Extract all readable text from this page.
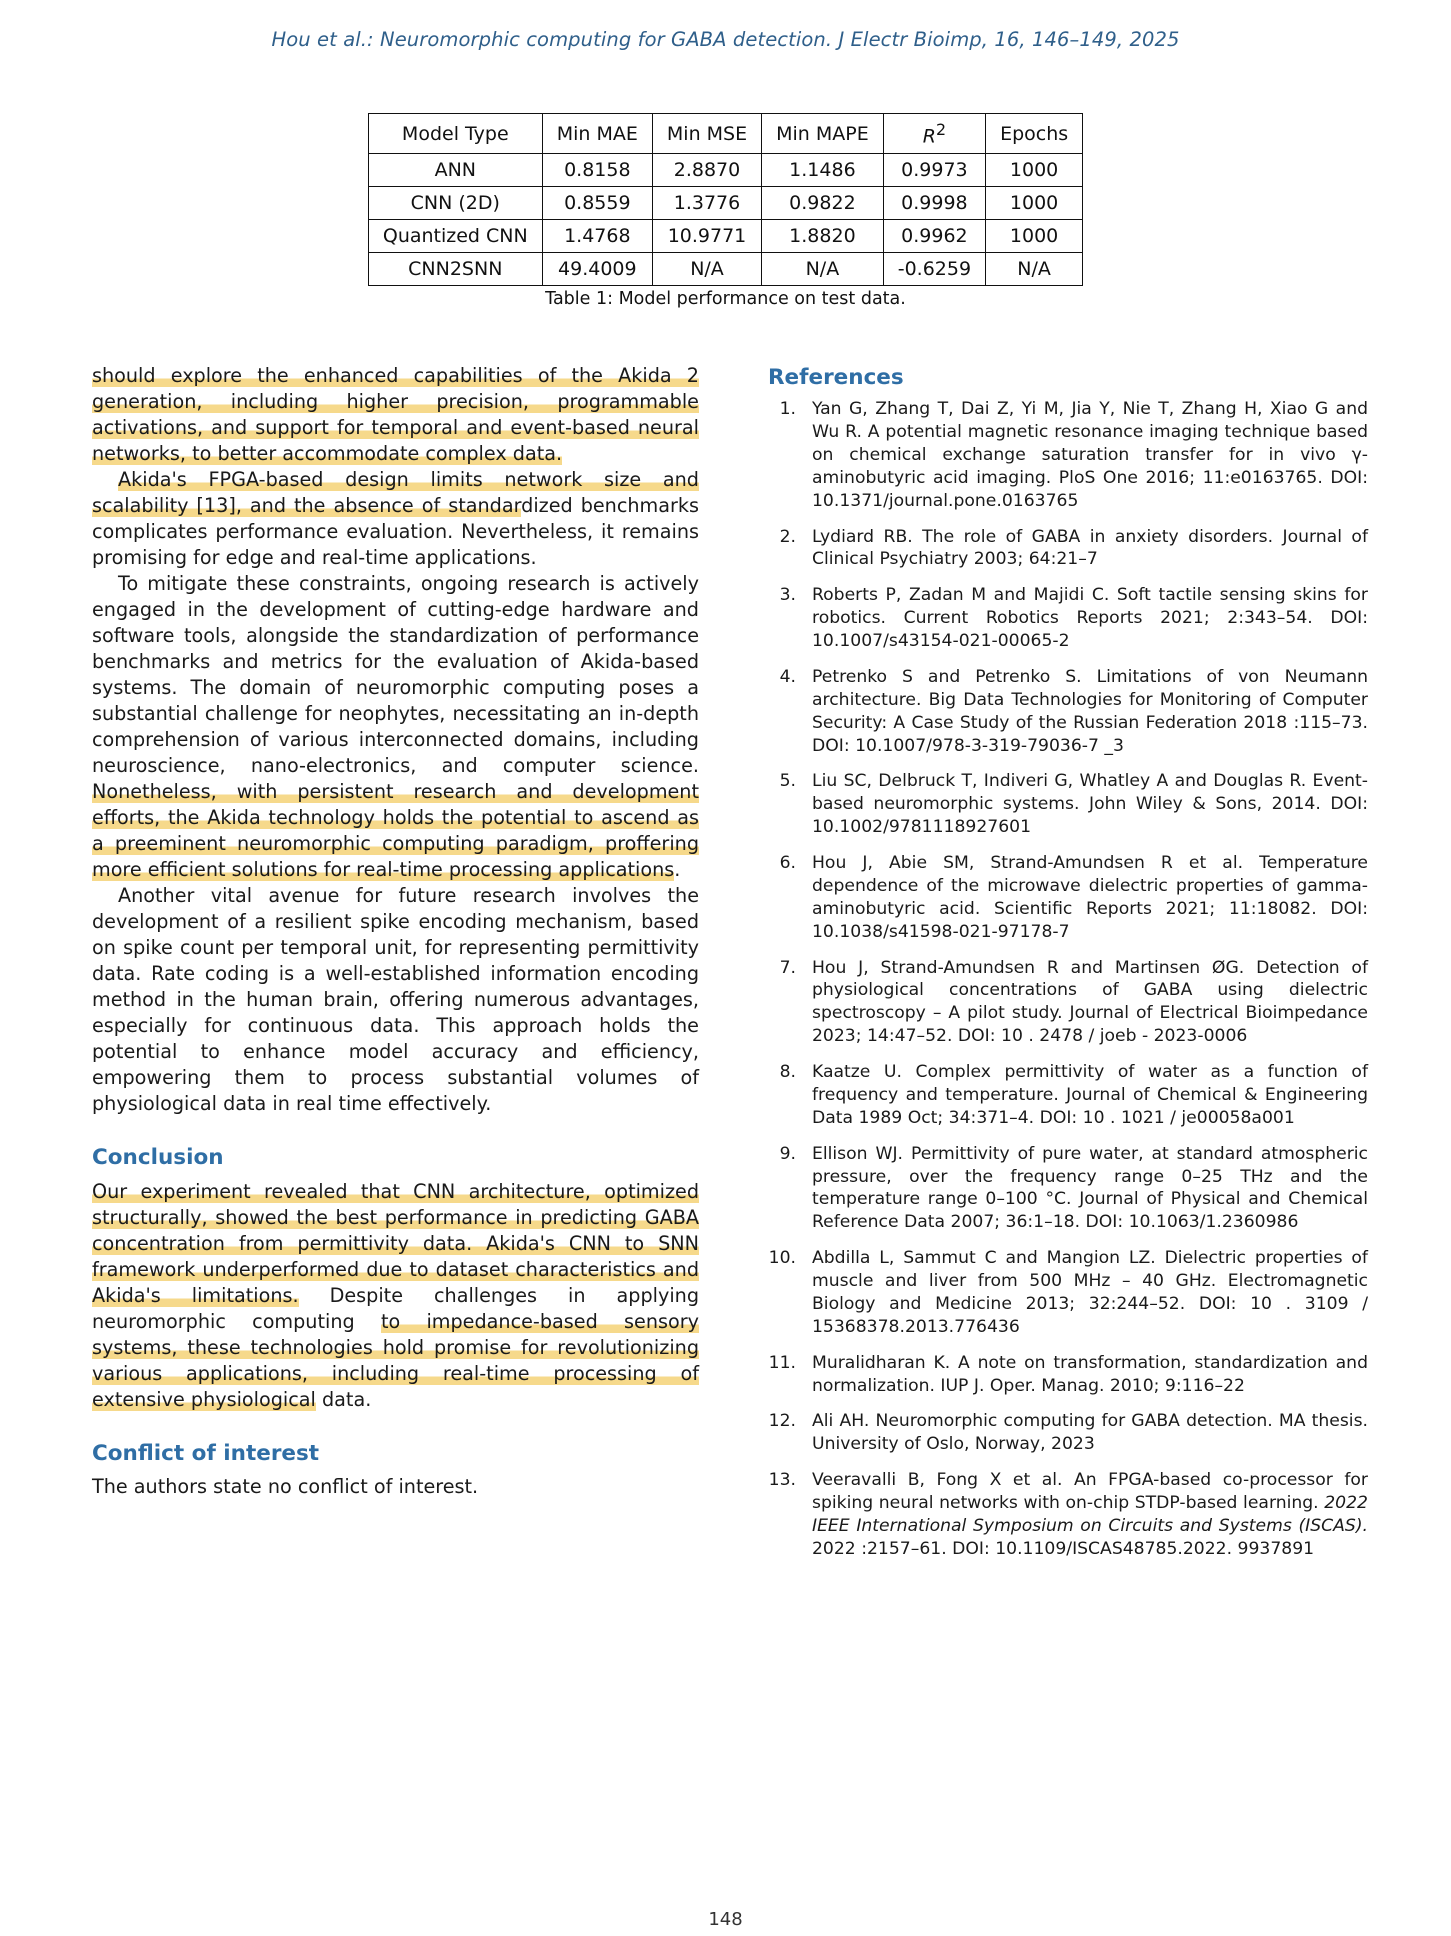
Hou et al.: Neuromorphic computing for GABA detection. J Electr Bioimp, 16, 146–149, 2025
Model Type	Min MAE	Min MSE	Min MAPE	$R^2$	Epochs
ANN	0.8158	2.8870	1.1486	0.9973	1000
CNN (2D)	0.8559	1.3776	0.9822	0.9998	1000
Quantized CNN	1.4768	10.9771	1.8820	0.9962	1000
CNN2SNN	49.4009	N/A	N/A	-0.6259	N/A
Table 1: Model performance on test data.

should explore the enhanced capabilities of the Akida 2 generation, including higher precision, programmable activations, and support for temporal and event-based neural networks, to better accommodate complex data.

Akida's FPGA-based design limits network size and scalability [13], and the absence of standardized benchmarks complicates performance evaluation. Nevertheless, it remains promising for edge and real-time applications.

To mitigate these constraints, ongoing research is actively engaged in the development of cutting-edge hardware and software tools, alongside the standardization of performance benchmarks and metrics for the evaluation of Akida-based systems. The domain of neuromorphic computing poses a substantial challenge for neophytes, necessitating an in-depth comprehension of various interconnected domains, including neuroscience, nano-electronics, and computer science. Nonetheless, with persistent research and development efforts, the Akida technology holds the potential to ascend as a preeminent neuromorphic computing paradigm, proffering more efficient solutions for real-time processing applications.

Another vital avenue for future research involves the development of a resilient spike encoding mechanism, based on spike count per temporal unit, for representing permittivity data. Rate coding is a well-established information encoding method in the human brain, offering numerous advantages, especially for continuous data. This approach holds the potential to enhance model accuracy and efficiency, empowering them to process substantial volumes of physiological data in real time effectively.

Conclusion

Our experiment revealed that CNN architecture, optimized structurally, showed the best performance in predicting GABA concentration from permittivity data. Akida's CNN to SNN framework underperformed due to dataset characteristics and Akida's limitations. Despite challenges in applying neuromorphic computing to impedance-based sensory systems, these technologies hold promise for revolutionizing various applications, including real-time processing of extensive physiological data.

Conflict of interest

The authors state no conflict of interest.

References
1. Yan G, Zhang T, Dai Z, Yi M, Jia Y, Nie T, Zhang H, Xiao G and Wu R. A potential magnetic resonance imaging technique based on chemical exchange saturation transfer for in vivo γ-aminobutyric acid imaging. PloS One 2016; 11:e0163765. DOI: 10.1371/journal.pone.0163765
2. Lydiard RB. The role of GABA in anxiety disorders. Journal of Clinical Psychiatry 2003; 64:21–7
3. Roberts P, Zadan M and Majidi C. Soft tactile sensing skins for robotics. Current Robotics Reports 2021; 2:343–54. DOI: 10.1007/s43154-021-00065-2
4. Petrenko S and Petrenko S. Limitations of von Neumann architecture. Big Data Technologies for Monitoring of Computer Security: A Case Study of the Russian Federation 2018 :115–73. DOI: 10.1007/978-3-319-79036-7 _3
5. Liu SC, Delbruck T, Indiveri G, Whatley A and Douglas R. Event-based neuromorphic systems. John Wiley & Sons, 2014. DOI: 10.1002/9781118927601
6. Hou J, Abie SM, Strand-Amundsen R et al. Temperature dependence of the microwave dielectric properties of gamma-aminobutyric acid. Scientific Reports 2021; 11:18082. DOI: 10.1038/s41598-021-97178-7
7. Hou J, Strand-Amundsen R and Martinsen ØG. Detection of physiological concentrations of GABA using dielectric spectroscopy – A pilot study. Journal of Electrical Bioimpedance 2023; 14:47–52. DOI: 10 . 2478 / joeb - 2023-0006
8. Kaatze U. Complex permittivity of water as a function of frequency and temperature. Journal of Chemical & Engineering Data 1989 Oct; 34:371–4. DOI: 10 . 1021 / je00058a001
9. Ellison WJ. Permittivity of pure water, at standard atmospheric pressure, over the frequency range 0–25 THz and the temperature range 0–100 °C. Journal of Physical and Chemical Reference Data 2007; 36:1–18. DOI: 10.1063/1.2360986
10. Abdilla L, Sammut C and Mangion LZ. Dielectric properties of muscle and liver from 500 MHz – 40 GHz. Electromagnetic Biology and Medicine 2013; 32:244–52. DOI: 10 . 3109 / 15368378.2013.776436
11. Muralidharan K. A note on transformation, standardization and normalization. IUP J. Oper. Manag. 2010; 9:116–22
12. Ali AH. Neuromorphic computing for GABA detection. MA thesis. University of Oslo, Norway, 2023
13. Veeravalli B, Fong X et al. An FPGA-based co-processor for spiking neural networks with on-chip STDP-based learning. 2022 IEEE International Symposium on Circuits and Systems (ISCAS). 2022 :2157–61. DOI: 10.1109/ISCAS48785.2022. 9937891
148
